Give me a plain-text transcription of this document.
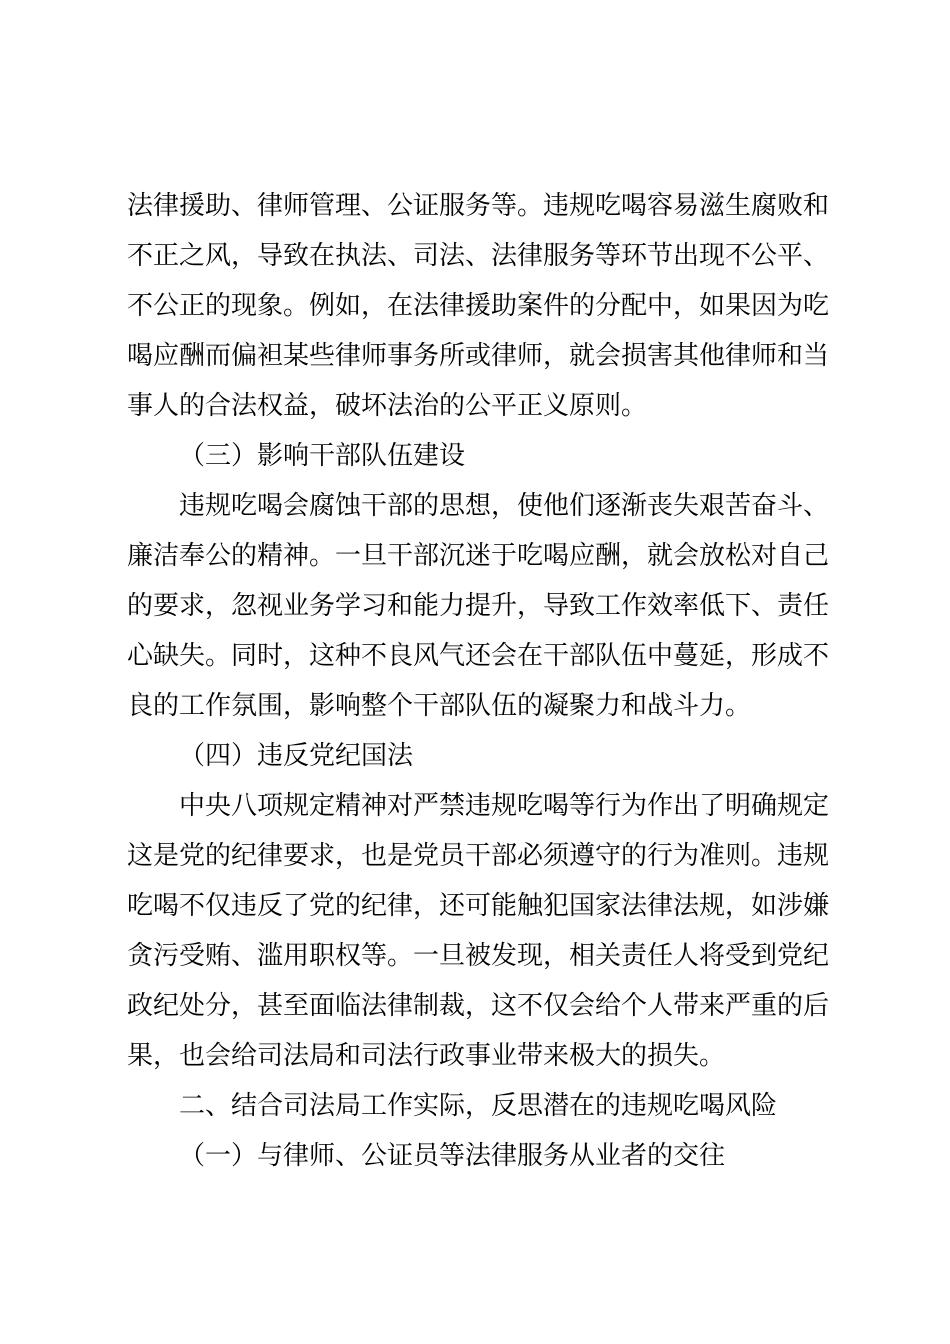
法律援助、律师管理、公证服务等。违规吃喝容易滋生腐败和
不正之风，导致在执法、司法、法律服务等环节出现不公平、
不公正的现象。例如，在法律援助案件的分配中，如果因为吃
喝应酬而偏袒某些律师事务所或律师，就会损害其他律师和当
事人的合法权益，破坏法治的公平正义原则。
（三）影响干部队伍建设
违规吃喝会腐蚀干部的思想，使他们逐渐丧失艰苦奋斗、
廉洁奉公的精神。一旦干部沉迷于吃喝应酬，就会放松对自己
的要求，忽视业务学习和能力提升，导致工作效率低下、责任
心缺失。同时，这种不良风气还会在干部队伍中蔓延，形成不
良的工作氛围，影响整个干部队伍的凝聚力和战斗力。
（四）违反党纪国法
中央八项规定精神对严禁违规吃喝等行为作出了明确规定
这是党的纪律要求，也是党员干部必须遵守的行为准则。违规
吃喝不仅违反了党的纪律，还可能触犯国家法律法规，如涉嫌
贪污受贿、滥用职权等。一旦被发现，相关责任人将受到党纪
政纪处分，甚至面临法律制裁，这不仅会给个人带来严重的后
果，也会给司法局和司法行政事业带来极大的损失。
二、结合司法局工作实际，反思潜在的违规吃喝风险
（一）与律师、公证员等法律服务从业者的交往
